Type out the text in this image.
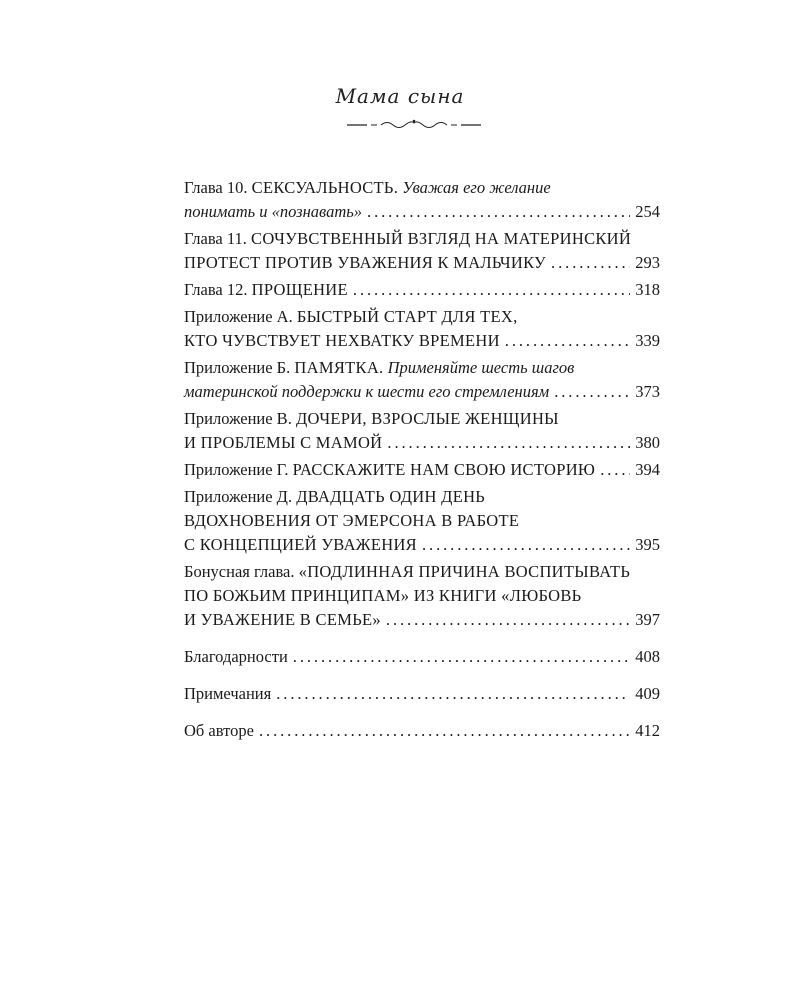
Мама сына
Глава 10. СЕКСУАЛЬНОСТЬ. Уважая его желание
понимать и «познавать» . . .	254
Глава 11. СОЧУВСТВЕННЫЙ ВЗГЛЯД НА МАТЕРИНСКИЙ
ПРОТЕСТ ПРОТИВ УВАЖЕНИЯ К МАЛЬЧИКУ . . .	293
Глава 12. ПРОЩЕНИЕ . . .	318
Приложение А. БЫСТРЫЙ СТАРТ ДЛЯ ТЕХ,
КТО ЧУВСТВУЕТ НЕХВАТКУ ВРЕМЕНИ . . .	339
Приложение Б. ПАМЯТКА. Применяйте шесть шагов
материнской поддержки к шести его стремлениям . . .	373
Приложение В. ДОЧЕРИ, ВЗРОСЛЫЕ ЖЕНЩИНЫ
И ПРОБЛЕМЫ С МАМОЙ . . .	380
Приложение Г. РАССКАЖИТЕ НАМ СВОЮ ИСТОРИЮ . . . 394
Приложение Д. ДВАДЦАТЬ ОДИН ДЕНЬ
ВДОХНОВЕНИЯ ОТ ЭМЕРСОНА В РАБОТЕ
С КОНЦЕПЦИЕЙ УВАЖЕНИЯ . . .	395
Бонусная глава. «ПОДЛИННАЯ ПРИЧИНА ВОСПИТЫВАТЬ
ПО БОЖЬИМ ПРИНЦИПАМ» ИЗ КНИГИ «ЛЮБОВЬ
И УВАЖЕНИЕ В СЕМЬЕ» . . .	397
Благодарности . . .	408
Примечания . . .	409
Об авторе . . .	412
